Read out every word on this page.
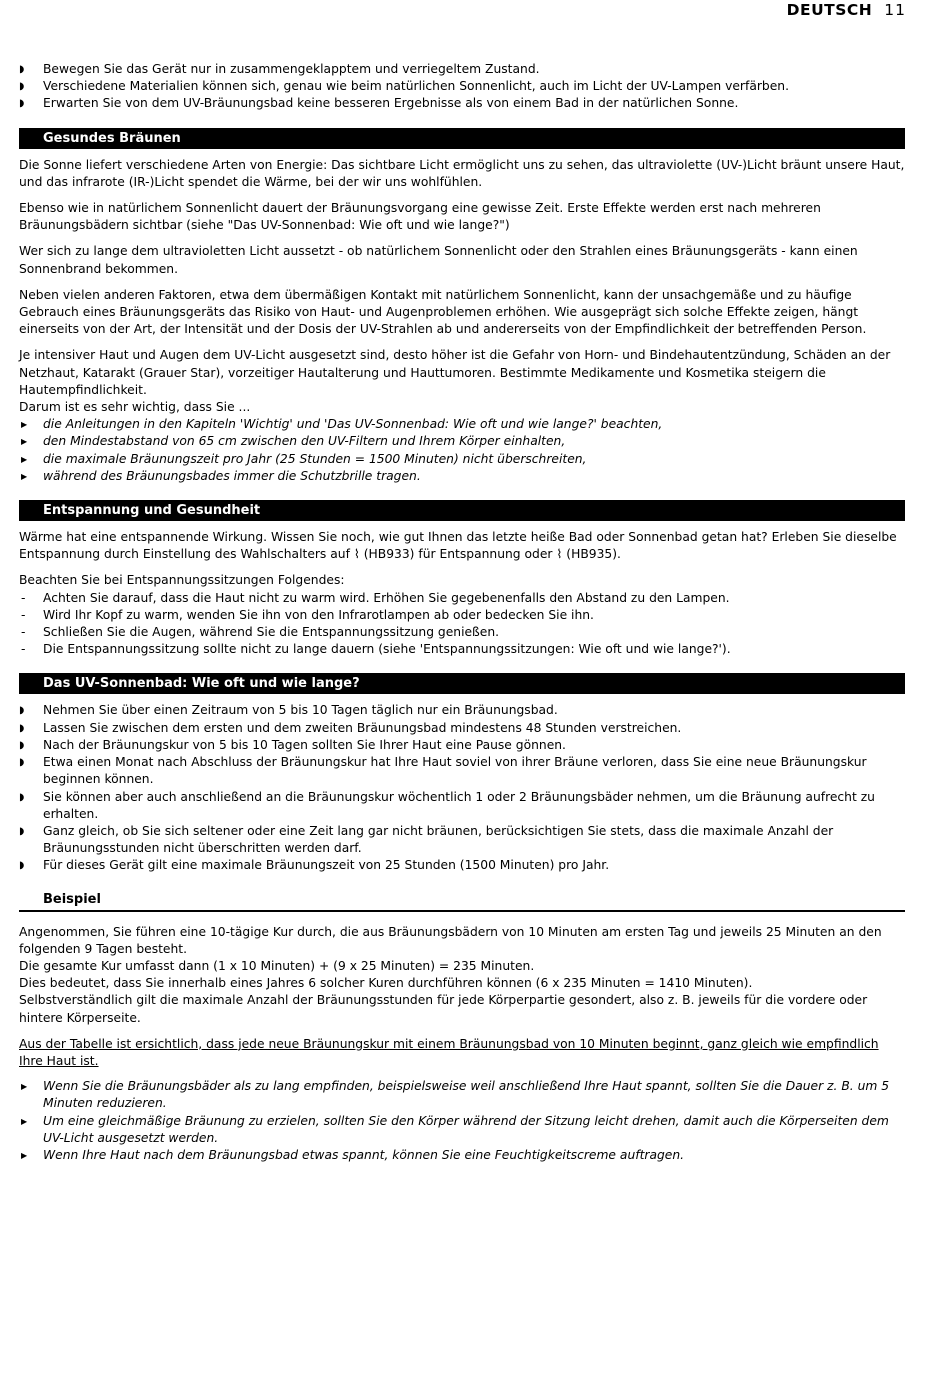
DEUTSCH 11
◗ Bewegen Sie das Gerät nur in zusammengeklapptem und verriegeltem Zustand.
◗ Verschiedene Materialien können sich, genau wie beim natürlichen Sonnenlicht, auch im Licht der UV-Lampen verfärben.
◗ Erwarten Sie von dem UV-Bräunungsbad keine besseren Ergebnisse als von einem Bad in der natürlichen Sonne.
Gesundes Bräunen

Die Sonne liefert verschiedene Arten von Energie: Das sichtbare Licht ermöglicht uns zu sehen, das ultraviolette (UV-)Licht bräunt unsere Haut, und das infrarote (IR-)Licht spendet die Wärme, bei der wir uns wohlfühlen.

Ebenso wie in natürlichem Sonnenlicht dauert der Bräunungsvorgang eine gewisse Zeit. Erste Effekte werden erst nach mehreren Bräunungsbädern sichtbar (siehe "Das UV-Sonnenbad: Wie oft und wie lange?")

Wer sich zu lange dem ultravioletten Licht aussetzt - ob natürlichem Sonnenlicht oder den Strahlen eines Bräunungsgeräts - kann einen Sonnenbrand bekommen.

Neben vielen anderen Faktoren, etwa dem übermäßigen Kontakt mit natürlichem Sonnenlicht, kann der unsachgemäße und zu häufige Gebrauch eines Bräunungsgeräts das Risiko von Haut- und Augenproblemen erhöhen. Wie ausgeprägt sich solche Effekte zeigen, hängt einerseits von der Art, der Intensität und der Dosis der UV-Strahlen ab und andererseits von der Empfindlichkeit der betreffenden Person.

Je intensiver Haut und Augen dem UV-Licht ausgesetzt sind, desto höher ist die Gefahr von Horn- und Bindehautentzündung, Schäden an der Netzhaut, Katarakt (Grauer Star), vorzeitiger Hautalterung und Hauttumoren. Bestimmte Medikamente und Kosmetika steigern die Hautempfindlichkeit.
Darum ist es sehr wichtig, dass Sie ...
▶ die Anleitungen in den Kapiteln 'Wichtig' und 'Das UV-Sonnenbad: Wie oft und wie lange?' beachten,
▶ den Mindestabstand von 65 cm zwischen den UV-Filtern und Ihrem Körper einhalten,
▶ die maximale Bräunungszeit pro Jahr (25 Stunden = 1500 Minuten) nicht überschreiten,
▶ während des Bräunungsbades immer die Schutzbrille tragen.
Entspannung und Gesundheit

Wärme hat eine entspannende Wirkung. Wissen Sie noch, wie gut Ihnen das letzte heiße Bad oder Sonnenbad getan hat? Erleben Sie dieselbe Entspannung durch Einstellung des Wahlschalters auf ⌇ (HB933) für Entspannung oder ⌇ (HB935).

Beachten Sie bei Entspannungssitzungen Folgendes:
- Achten Sie darauf, dass die Haut nicht zu warm wird. Erhöhen Sie gegebenenfalls den Abstand zu den Lampen.
- Wird Ihr Kopf zu warm, wenden Sie ihn von den Infrarotlampen ab oder bedecken Sie ihn.
- Schließen Sie die Augen, während Sie die Entspannungssitzung genießen.
- Die Entspannungssitzung sollte nicht zu lange dauern (siehe 'Entspannungssitzungen: Wie oft und wie lange?').
Das UV-Sonnenbad: Wie oft und wie lange?
◗ Nehmen Sie über einen Zeitraum von 5 bis 10 Tagen täglich nur ein Bräunungsbad.
◗ Lassen Sie zwischen dem ersten und dem zweiten Bräunungsbad mindestens 48 Stunden verstreichen.
◗ Nach der Bräunungskur von 5 bis 10 Tagen sollten Sie Ihrer Haut eine Pause gönnen.
◗ Etwa einen Monat nach Abschluss der Bräunungskur hat Ihre Haut soviel von ihrer Bräune verloren, dass Sie eine neue Bräunungskur beginnen können.
◗ Sie können aber auch anschließend an die Bräunungskur wöchentlich 1 oder 2 Bräunungsbäder nehmen, um die Bräunung aufrecht zu erhalten.
◗ Ganz gleich, ob Sie sich seltener oder eine Zeit lang gar nicht bräunen, berücksichtigen Sie stets, dass die maximale Anzahl der Bräunungsstunden nicht überschritten werden darf.
◗ Für dieses Gerät gilt eine maximale Bräunungszeit von 25 Stunden (1500 Minuten) pro Jahr.
Beispiel
Angenommen, Sie führen eine 10-tägige Kur durch, die aus Bräunungsbädern von 10 Minuten am ersten Tag und jeweils 25 Minuten an den folgenden 9 Tagen besteht.
Die gesamte Kur umfasst dann (1 x 10 Minuten) + (9 x 25 Minuten) = 235 Minuten.
Dies bedeutet, dass Sie innerhalb eines Jahres 6 solcher Kuren durchführen können (6 x 235 Minuten = 1410 Minuten).
Selbstverständlich gilt die maximale Anzahl der Bräunungsstunden für jede Körperpartie gesondert, also z. B. jeweils für die vordere oder hintere Körperseite.
Aus der Tabelle ist ersichtlich, dass jede neue Bräunungskur mit einem Bräunungsbad von 10 Minuten beginnt, ganz gleich wie empfindlich Ihre Haut ist.
▶ Wenn Sie die Bräunungsbäder als zu lang empfinden, beispielsweise weil anschließend Ihre Haut spannt, sollten Sie die Dauer z. B. um 5 Minuten reduzieren.
▶ Um eine gleichmäßige Bräunung zu erzielen, sollten Sie den Körper während der Sitzung leicht drehen, damit auch die Körperseiten dem UV-Licht ausgesetzt werden.
▶ Wenn Ihre Haut nach dem Bräunungsbad etwas spannt, können Sie eine Feuchtigkeitscreme auftragen.
